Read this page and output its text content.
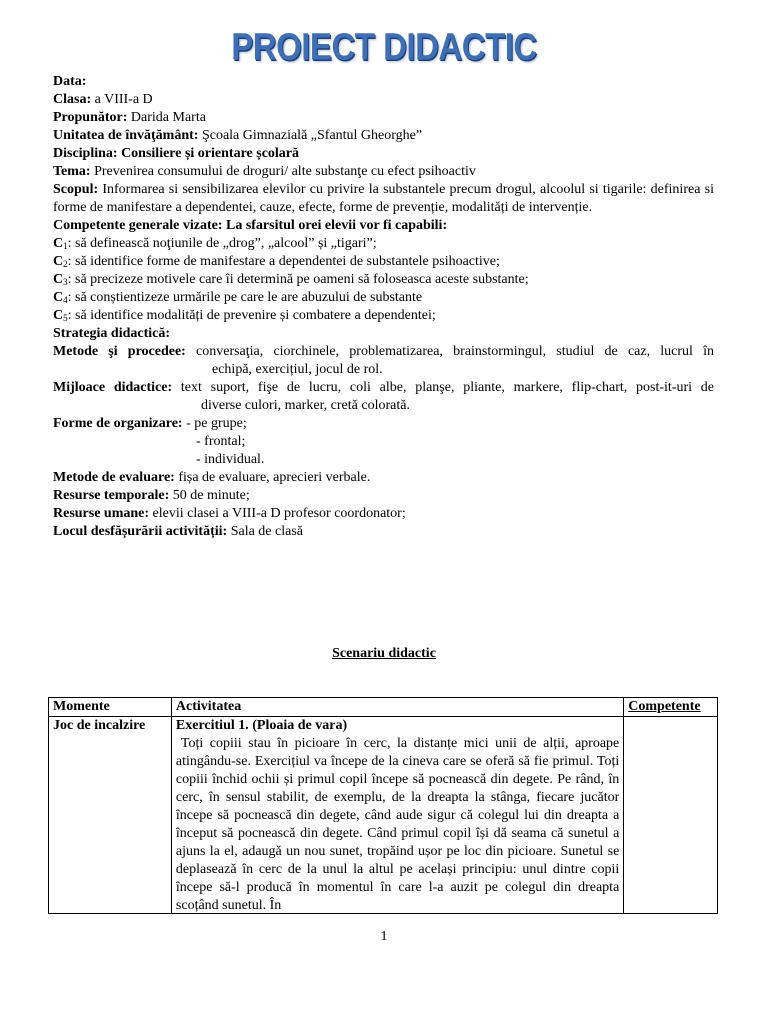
PROIECT DIDACTIC

Data:

Clasa: a VIII-a D

Propunător: Darida Marta

Unitatea de învăţământ: Şcoala Gimnazială „Sfantul Gheorghe”

Disciplina: Consiliere și orientare școlară

Tema: Prevenirea consumului de droguri/ alte substanţe cu efect psihoactiv

Scopul: Informarea si sensibilizarea elevilor cu privire la substantele precum drogul, alcoolul si tigarile: definirea si forme de manifestare a dependentei, cauze, efecte, forme de prevenție, modalități de intervenție.

Competente generale vizate: La sfarsitul orei elevii vor fi capabili:

$C_1$: să definească noţiunile de „drog”, „alcool” și „tigari”;

$C_2$: să identifice forme de manifestare a dependentei de substantele psihoactive;

$C_3$: să precizeze motivele care îi determină pe oameni să foloseasca aceste substante;

$C_4$: să conștientizeze urmările pe care le are abuzului de substante

$C_5$: să identifice modalități de prevenire și combatere a dependentei;

Strategia didactică:

Metode şi procedee: conversaţia, ciorchinele, problematizarea, brainstormingul, studiul de caz, lucrul în

echipă, exercițiul, jocul de rol.

Mijloace didactice: text suport, fişe de lucru, coli albe, planşe, pliante, markere, flip-chart, post-it-uri de

diverse culori, marker, cretă colorată.

Forme de organizare: - pe grupe;

- frontal;

- individual.

Metode de evaluare: fișa de evaluare, aprecieri verbale.

Resurse temporale: 50 de minute;

Resurse umane: elevii clasei a VIII-a D profesor coordonator;

Locul desfășurării activității: Sala de clasă

Scenariu didactic
Momente	Activitatea	Competente
Joc de incalzire	Exercitiul 1. (Ploaia de vara)
Toți copiii stau în picioare în cerc, la distanțe mici unii de alții, aproape atingându-se. Exercițiul va începe de la cineva care se oferă să fie primul. Toți copiii închid ochii și primul copil începe să pocnească din degete. Pe rând, în cerc, în sensul stabilit, de exemplu, de la dreapta la stânga, fiecare jucător începe să pocnească din degete, când aude sigur că colegul lui din dreapta a început să pocnească din degete. Când primul copil își dă seama că sunetul a ajuns la el, adaugă un nou sunet, tropăind ușor pe loc din picioare. Sunetul se deplasează în cerc de la unul la altul pe același principiu: unul dintre copii începe să-l producă în momentul în care l-a auzit pe colegul din dreapta scoțând sunetul. În	

1
